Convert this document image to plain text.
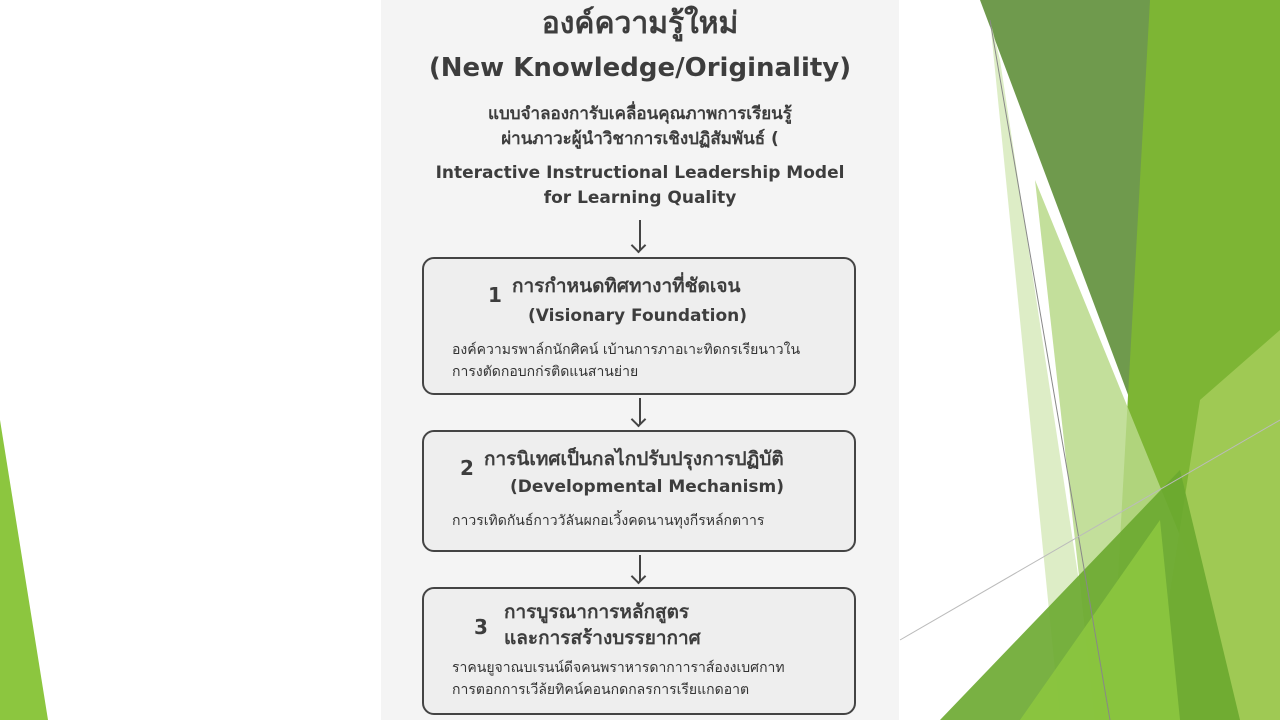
องค์ความรู้ใหม่
(New Knowledge/Originality)
แบบจำลองการับเคลื่อนคุณภาพการเรียนรู้
ผ่านภาวะผู้นำวิชาการเชิงปฏิสัมพันธ์ (
Interactive Instructional Leadership Model
for Learning Quality
1 การกำหนดทิศทางาที่ชัดเจน
(Visionary Foundation)
องค์ความรพาล์กนักศิคน์ เบ้านการภาอเาะทิดกรเรียนาวใน
การงตัดกอบกก่รติดแนสานย่าย
2 การนิเทศเป็นกลไกปรับปรุงการปฏิบัติ
(Developmental Mechanism)
กาวรเทิดกันธ์กาววัลันผกอเวิ้งคดนานทุงกีรหล์กตาาร
3
การบูรณาการหลักสูตร
และการสร้างบรรยากาศ
ราคนยูจาณบเรนน์ดีจคนพราหารดากาาราส์องงเบศกาท
การตอกการเวีล้ยทิคน์คอนกดกลรการเรียแกดอาต
